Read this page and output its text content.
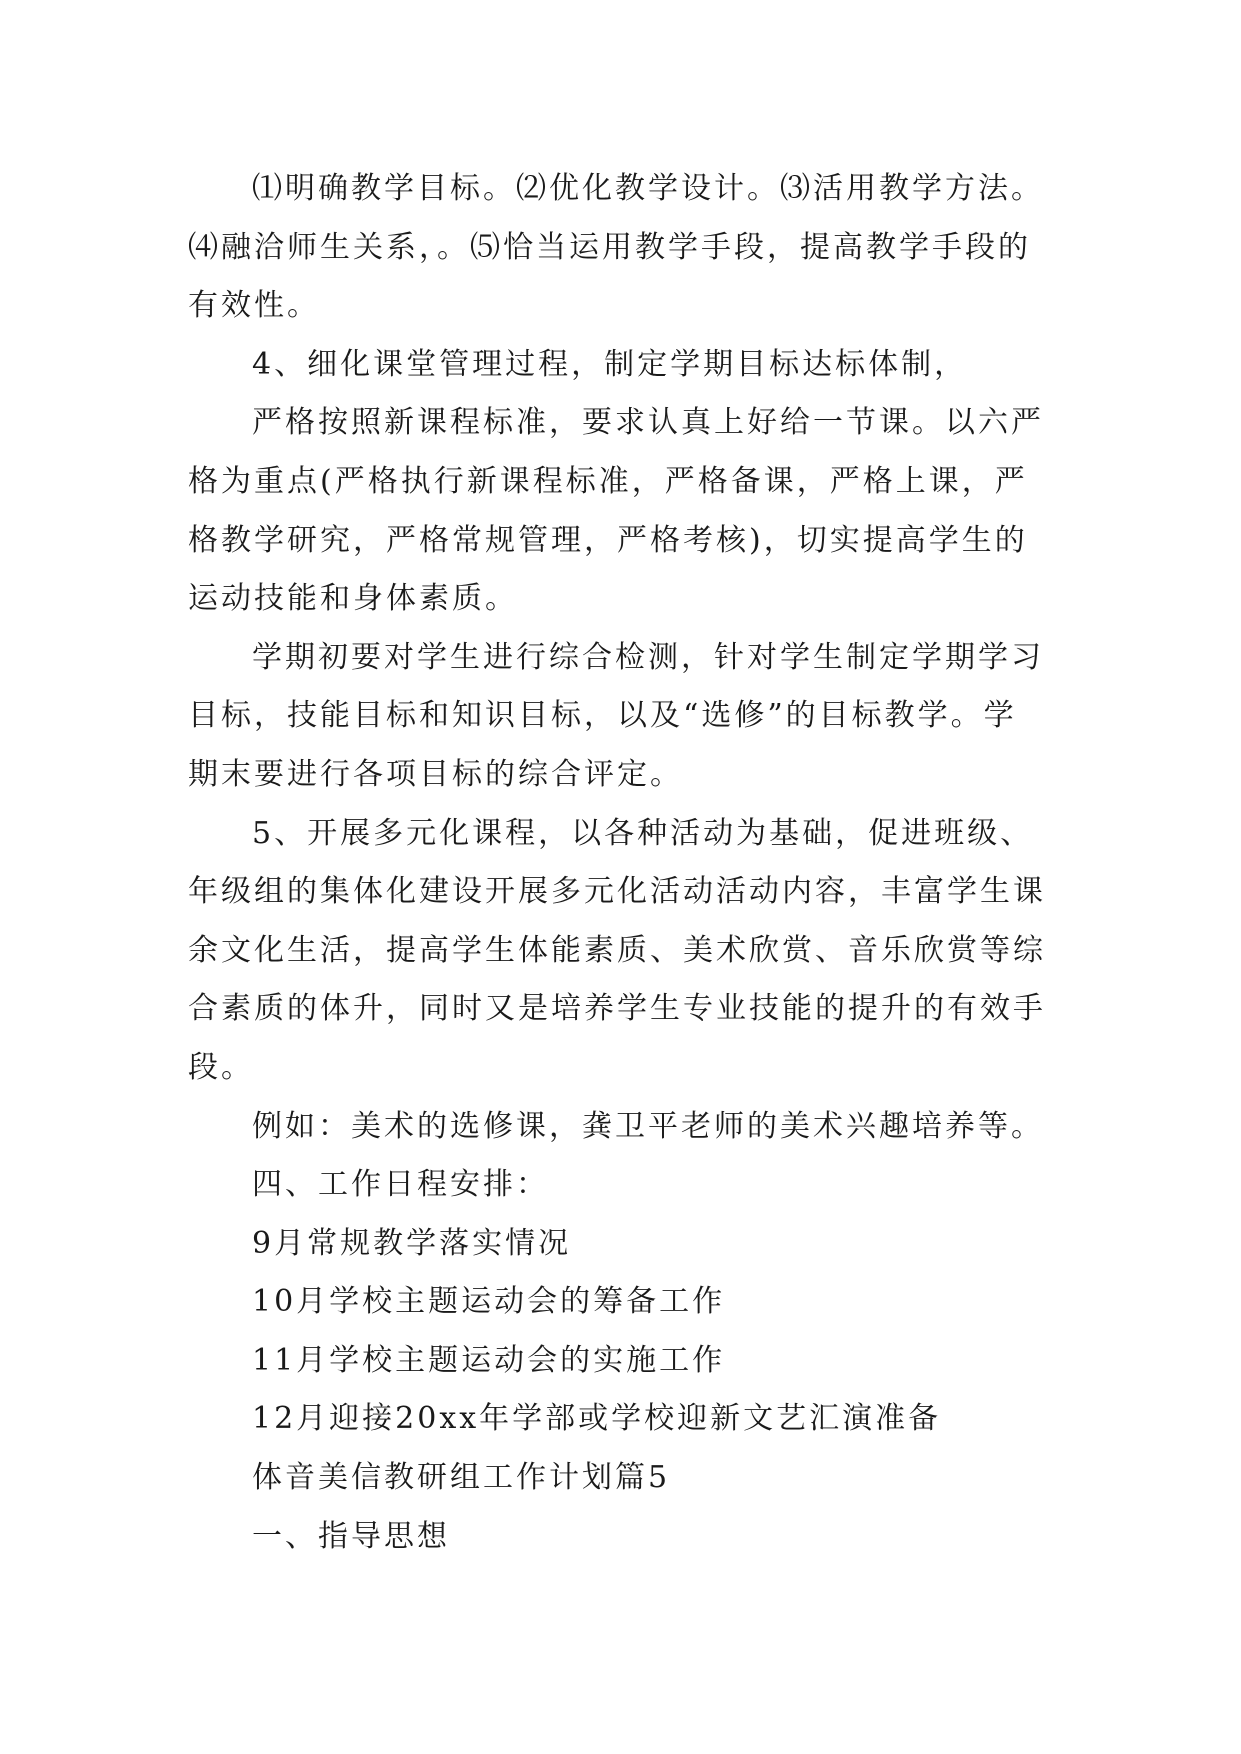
⑴明确教学目标。⑵优化教学设计。⑶活用教学方法。
⑷融洽师生关系，。⑸恰当运用教学手段，提高教学手段的
有效性。
4、细化课堂管理过程，制定学期目标达标体制，
严格按照新课程标准，要求认真上好给一节课。以六严
格为重点(严格执行新课程标准，严格备课，严格上课，严
格教学研究，严格常规管理，严格考核)，切实提高学生的
运动技能和身体素质。
学期初要对学生进行综合检测，针对学生制定学期学习
目标，技能目标和知识目标，以及“选修”的目标教学。学
期末要进行各项目标的综合评定。
5、开展多元化课程，以各种活动为基础，促进班级、
年级组的集体化建设开展多元化活动活动内容，丰富学生课
余文化生活，提高学生体能素质、美术欣赏、音乐欣赏等综
合素质的体升，同时又是培养学生专业技能的提升的有效手
段。
例如：美术的选修课，龚卫平老师的美术兴趣培养等。
四、工作日程安排：
9月常规教学落实情况
10月学校主题运动会的筹备工作
11月学校主题运动会的实施工作
12月迎接20xx年学部或学校迎新文艺汇演准备
体音美信教研组工作计划篇5
一、指导思想
